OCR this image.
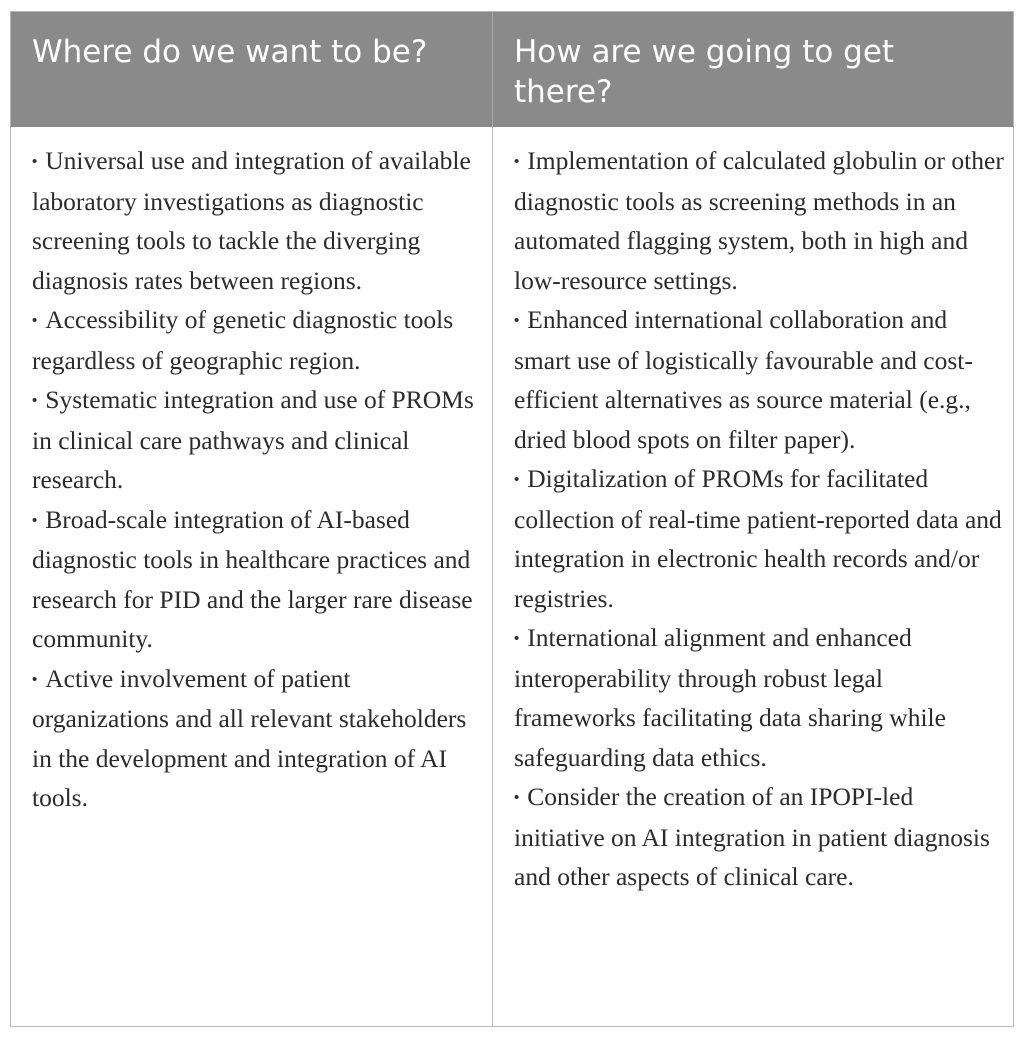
Where do we want to be?	How are we going to get there?

• Universal use and integration of available laboratory investigations as diagnostic screening tools to tackle the diverging diagnosis rates between regions.

• Accessibility of genetic diagnostic tools regardless of geographic region.

• Systematic integration and use of PROMs in clinical care pathways and clinical research.

• Broad-scale integration of AI-based diagnostic tools in healthcare practices and research for PID and the larger rare disease community.

• Active involvement of patient organizations and all relevant stakeholders in the development and integration of AI tools.

• Implementation of calculated globulin or other diagnostic tools as screening methods in an automated flagging system, both in high and low-resource settings.

• Enhanced international collaboration and smart use of logistically favourable and cost-efficient alternatives as source material (e.g., dried blood spots on filter paper).

• Digitalization of PROMs for facilitated collection of real-time patient-reported data and integration in electronic health records and/or registries.

• International alignment and enhanced interoperability through robust legal frameworks facilitating data sharing while safeguarding data ethics.

• Consider the creation of an IPOPI-led initiative on AI integration in patient diagnosis and other aspects of clinical care.
